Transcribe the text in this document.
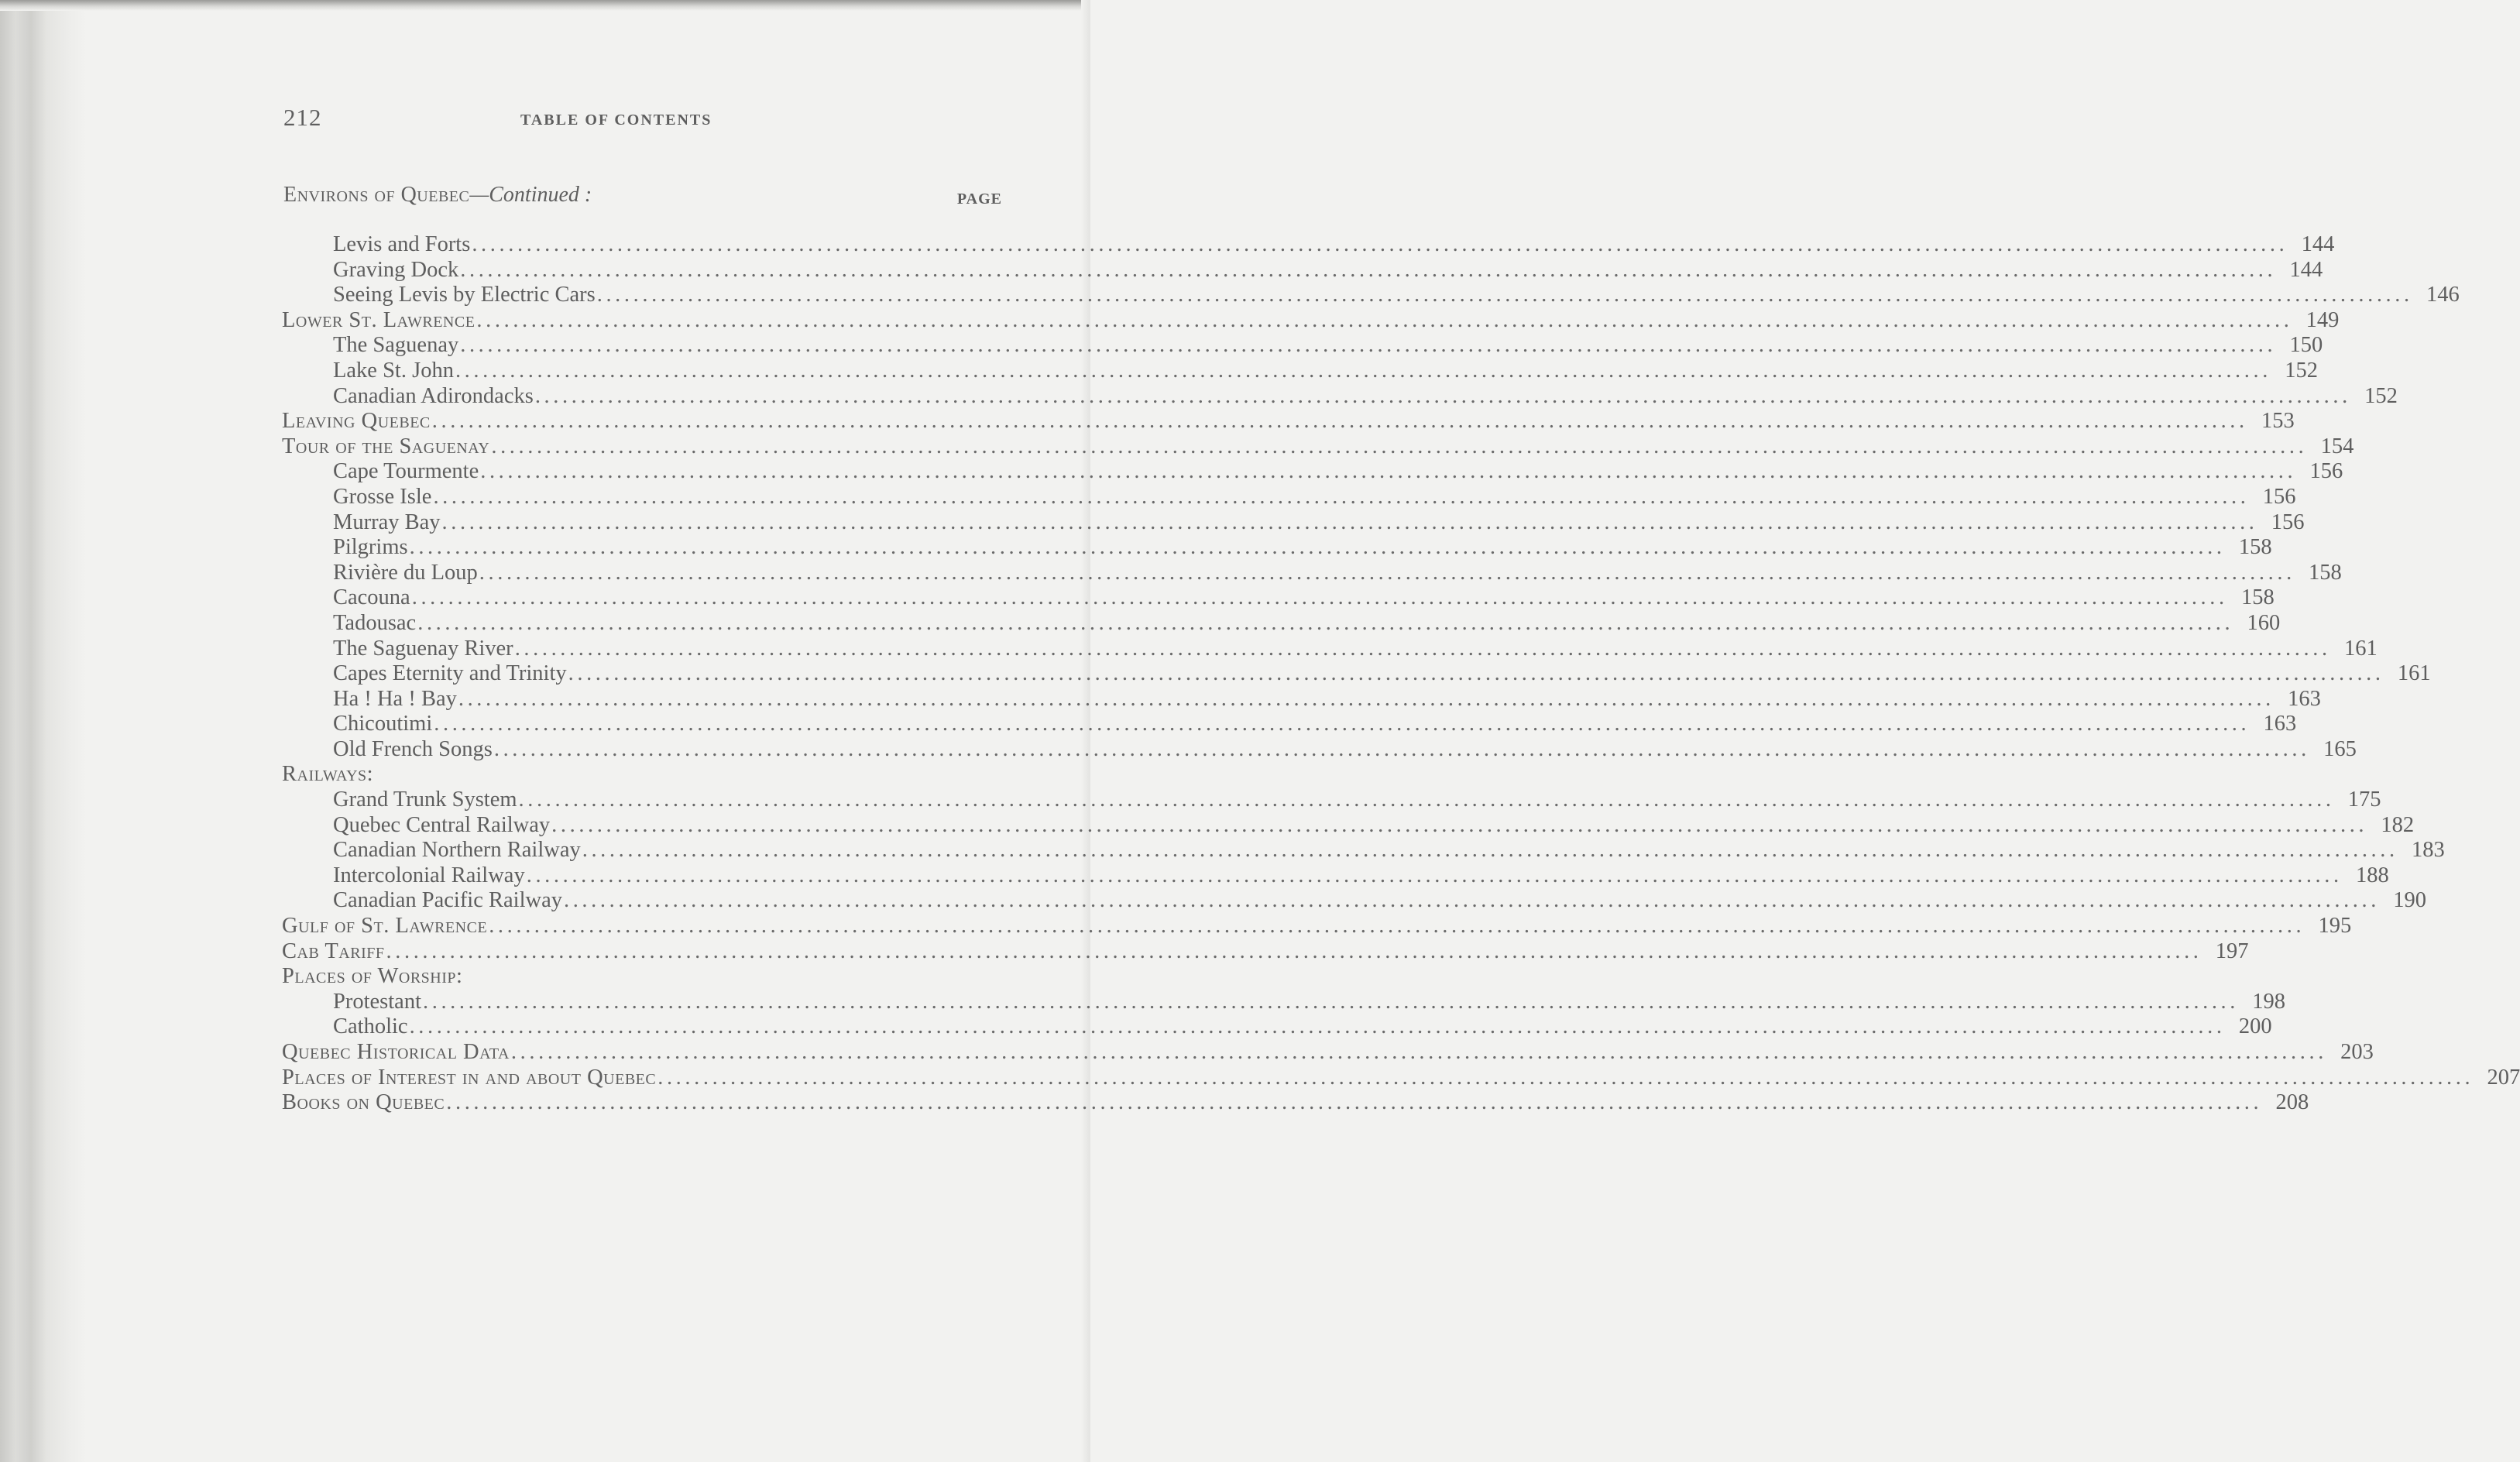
212	TABLE OF CONTENTS
Environs of Quebec—Continued :	PAGE
Levis and Forts ........................................................................................................................................................................................................ 144
Graving Dock ........................................................................................................................................................................................................ 144
Seeing Levis by Electric Cars ........................................................................................................................................................................................................ 146
Lower St. Lawrence ........................................................................................................................................................................................................ 149
The Saguenay ........................................................................................................................................................................................................ 150
Lake St. John ........................................................................................................................................................................................................ 152
Canadian Adirondacks ........................................................................................................................................................................................................ 152
Leaving Quebec ........................................................................................................................................................................................................ 153
Tour of the Saguenay ........................................................................................................................................................................................................ 154
Cape Tourmente ........................................................................................................................................................................................................ 156
Grosse Isle ........................................................................................................................................................................................................ 156
Murray Bay ........................................................................................................................................................................................................ 156
Pilgrims ........................................................................................................................................................................................................ 158
Rivière du Loup ........................................................................................................................................................................................................ 158
Cacouna ........................................................................................................................................................................................................ 158
Tadousac ........................................................................................................................................................................................................ 160
The Saguenay River ........................................................................................................................................................................................................ 161
Capes Eternity and Trinity ........................................................................................................................................................................................................ 161
Ha ! Ha ! Bay ........................................................................................................................................................................................................ 163
Chicoutimi ........................................................................................................................................................................................................ 163
Old French Songs ........................................................................................................................................................................................................ 165
Railways:
Grand Trunk System ........................................................................................................................................................................................................ 175
Quebec Central Railway ........................................................................................................................................................................................................ 182
Canadian Northern Railway ........................................................................................................................................................................................................ 183
Intercolonial Railway ........................................................................................................................................................................................................ 188
Canadian Pacific Railway ........................................................................................................................................................................................................ 190
Gulf of St. Lawrence ........................................................................................................................................................................................................ 195
Cab Tariff ........................................................................................................................................................................................................ 197
Places of Worship:
Protestant ........................................................................................................................................................................................................ 198
Catholic ........................................................................................................................................................................................................ 200
Quebec Historical Data ........................................................................................................................................................................................................ 203
Places of Interest in and about Quebec ........................................................................................................................................................................................................ 207
Books on Quebec ........................................................................................................................................................................................................ 208
